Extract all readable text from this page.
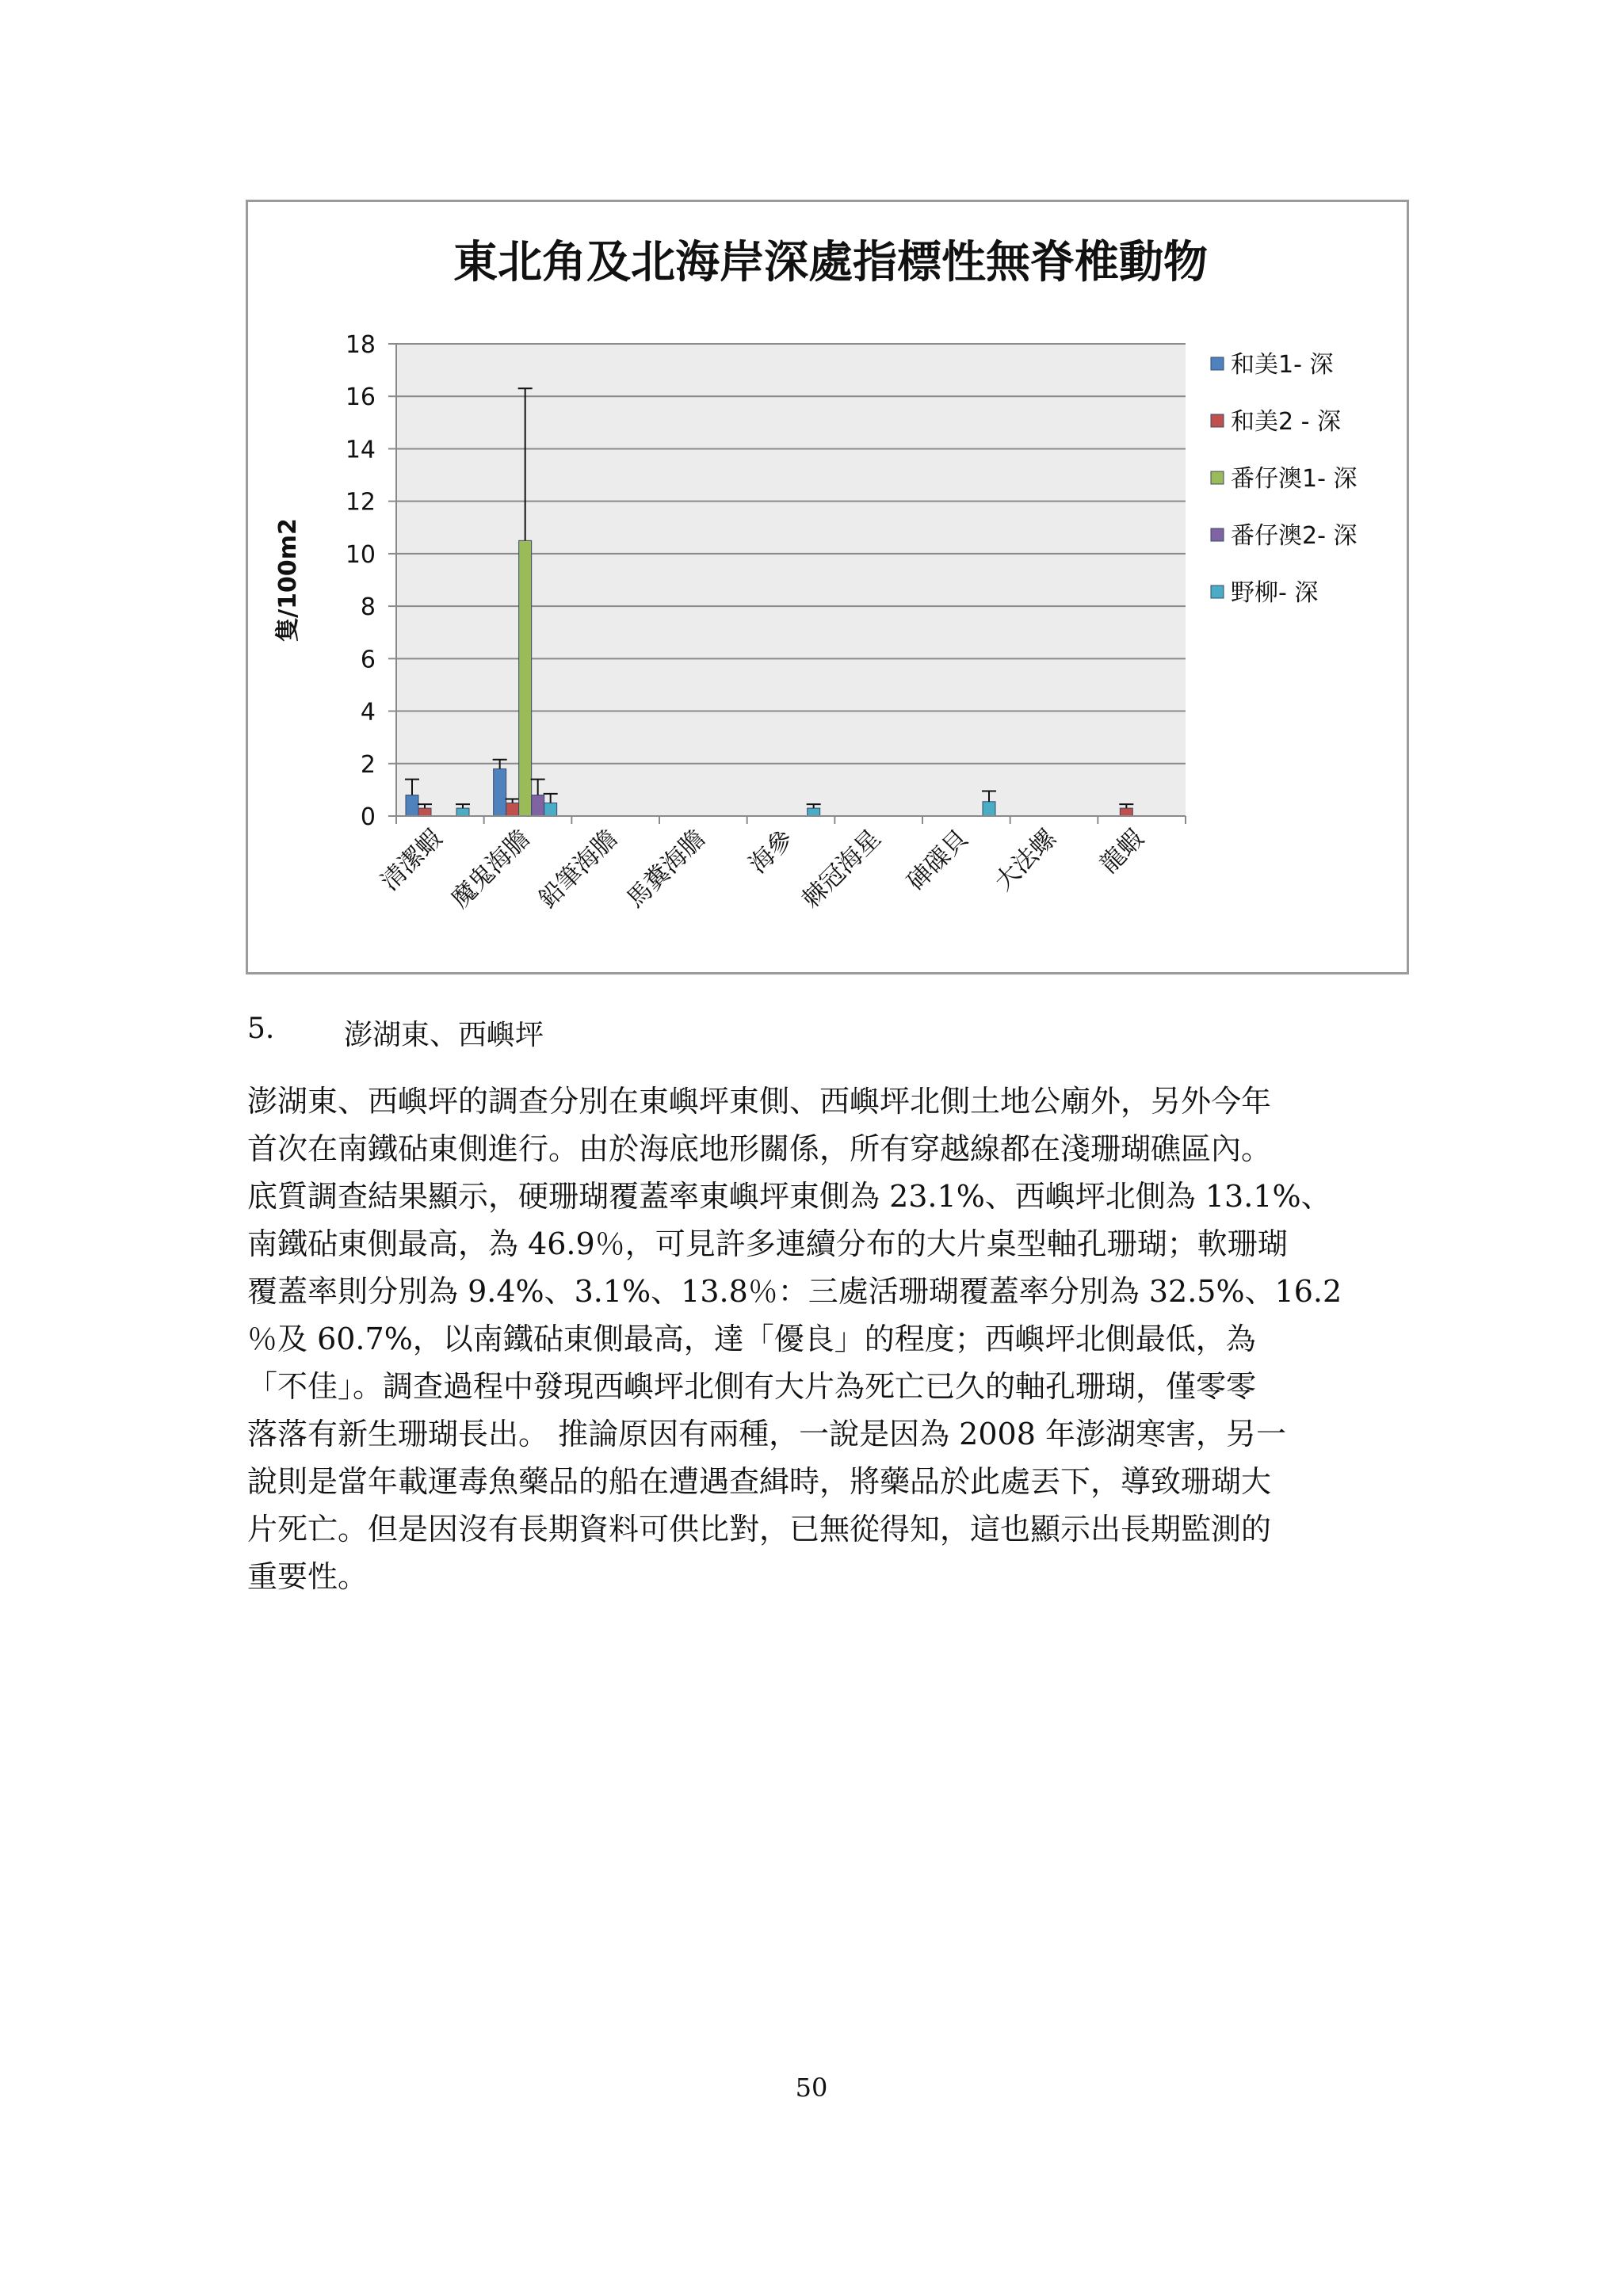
東北角及北海岸深處指標性無脊椎動物
0
2
4
6
8
10
12
14
16
18
隻/100m2
清潔蝦
魔鬼海膽
鉛筆海膽
馬糞海膽 海參
棘冠海星 硨磲貝 大法螺 龍蝦
和美1- 深
和美2 - 深
番仔澳1- 深
番仔澳2- 深
野柳- 深
5.	澎湖東、西嶼坪

澎湖東、西嶼坪的調查分別在東嶼坪東側、西嶼坪北側土地公廟外，另外今年
首次在南鐵砧東側進行。由於海底地形關係，所有穿越線都在淺珊瑚礁區內。
底質調查結果顯示，硬珊瑚覆蓋率東嶼坪東側為 23.1%、西嶼坪北側為 13.1%、
南鐵砧東側最高，為 46.9％，可見許多連續分布的大片桌型軸孔珊瑚；軟珊瑚
覆蓋率則分別為 9.4%、3.1%、13.8％：三處活珊瑚覆蓋率分別為 32.5%、16.2
％及 60.7%，以南鐵砧東側最高，達「優良」的程度；西嶼坪北側最低，為
「不佳」。調查過程中發現西嶼坪北側有大片為死亡已久的軸孔珊瑚，僅零零
落落有新生珊瑚長出。 推論原因有兩種，一說是因為 2008 年澎湖寒害，另一
說則是當年載運毒魚藥品的船在遭遇查緝時，將藥品於此處丟下，導致珊瑚大
片死亡。但是因沒有長期資料可供比對，已無從得知，這也顯示出長期監測的
重要性。

50
